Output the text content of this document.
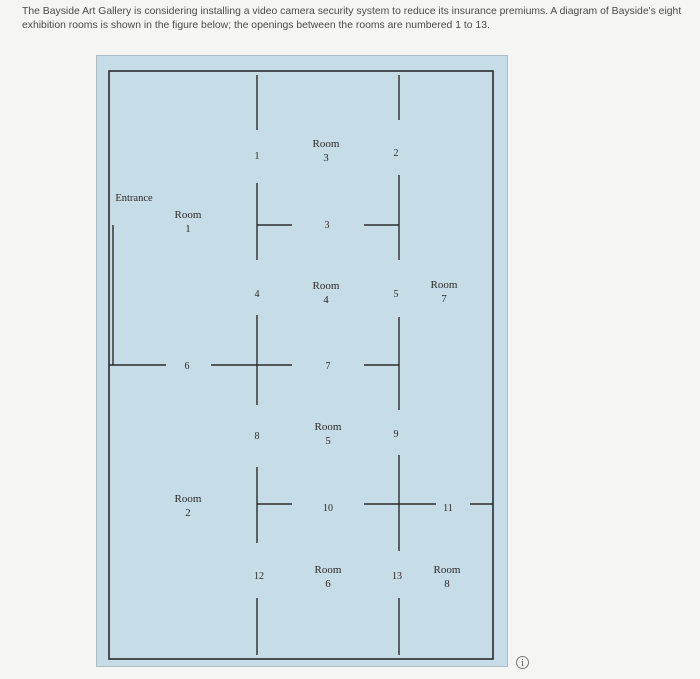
The Bayside Art Gallery is considering installing a video camera security system to reduce its insurance premiums. A diagram of Bayside's eight exhibition rooms is shown in the figure below; the openings between the rooms are numbered 1 to 13.
Entrance
Room
1
Room
2
Room
3
Room
4
Room
5
Room
6
Room
7
Room
8
1	2
3
4	5
6	7
8	9
10	11
12	13
i
